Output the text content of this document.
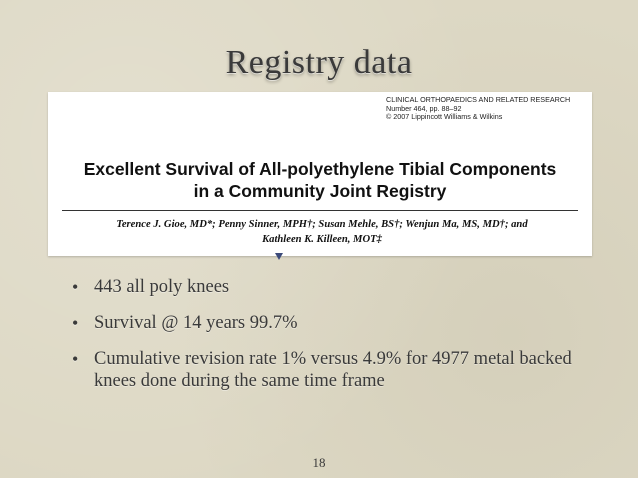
Registry data
CLINICAL ORTHOPAEDICS AND RELATED RESEARCH
Number 464, pp. 88–92
© 2007 Lippincott Williams & Wilkins
Excellent Survival of All-polyethylene Tibial Components
in a Community Joint Registry
Terence J. Gioe, MD*; Penny Sinner, MPH†; Susan Mehle, BS†; Wenjun Ma, MS, MD†; and
Kathleen K. Killeen, MOT‡
• 443 all poly knees
• Survival @ 14 years 99.7%
• Cumulative revision rate 1% versus 4.9% for 4977 metal backed knees done during the same time frame
18
